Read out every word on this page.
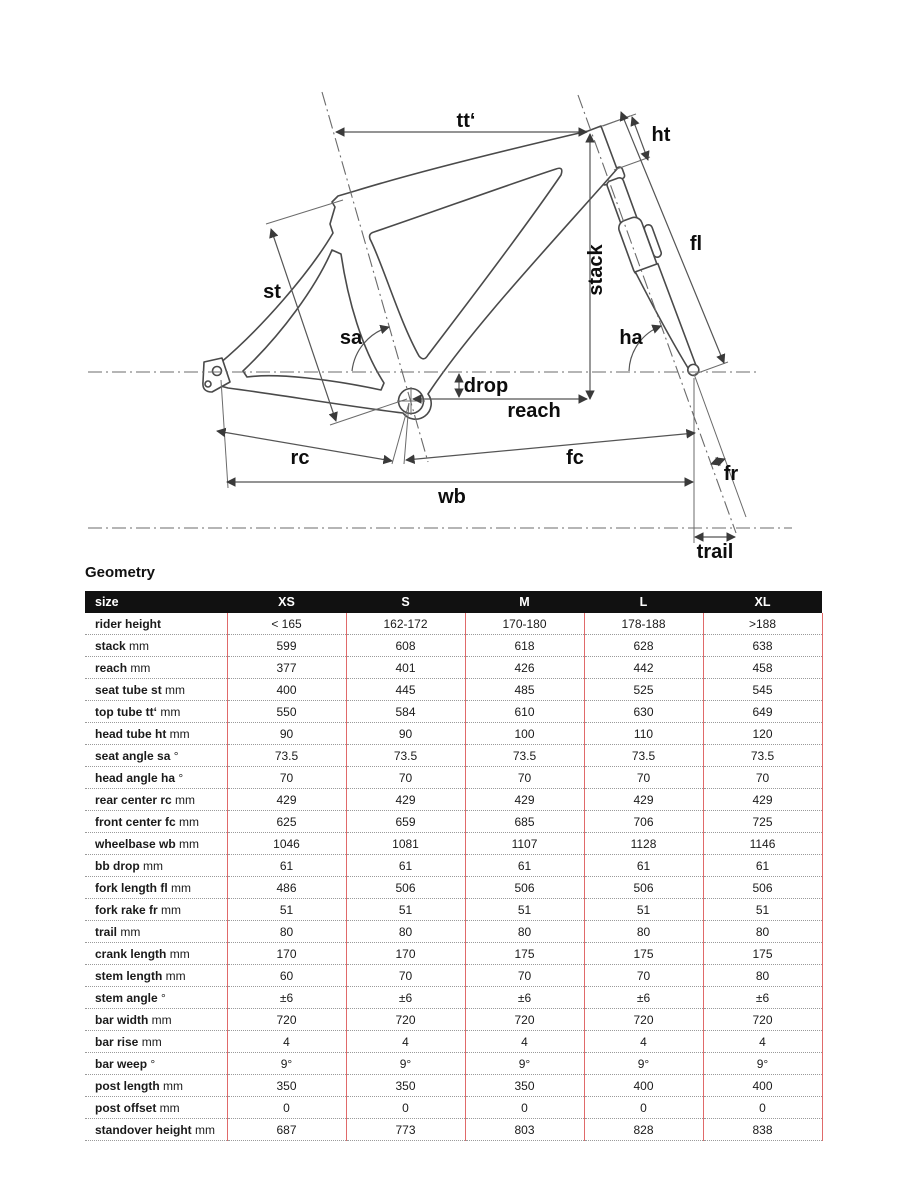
tt‘
ht
fl
stack
st
sa	ha
drop
reach
rc	fc
wb
fr
trail
Geometry
size	XS	S	M	L	XL
rider height	< 165	162-172	170-180	178-188	>188
stack mm	599	608	618	628	638
reach mm	377	401	426	442	458
seat tube st mm	400	445	485	525	545
top tube tt‘ mm	550	584	610	630	649
head tube ht mm	90	90	100	110	120
seat angle sa °	73.5	73.5	73.5	73.5	73.5
head angle ha °	70	70	70	70	70
rear center rc mm	429	429	429	429	429
front center fc mm	625	659	685	706	725
wheelbase wb mm	1046	1081	1107	1128	1146
bb drop mm	61	61	61	61	61
fork length fl mm	486	506	506	506	506
fork rake fr mm	51	51	51	51	51
trail mm	80	80	80	80	80
crank length mm	170	170	175	175	175
stem length mm	60	70	70	70	80
stem angle °	±6	±6	±6	±6	±6
bar width mm	720	720	720	720	720
bar rise mm	4	4	4	4	4
bar weep °	9°	9°	9°	9°	9°
post length mm	350	350	350	400	400
post offset mm	0	0	0	0	0
standover height mm	687	773	803	828	838
